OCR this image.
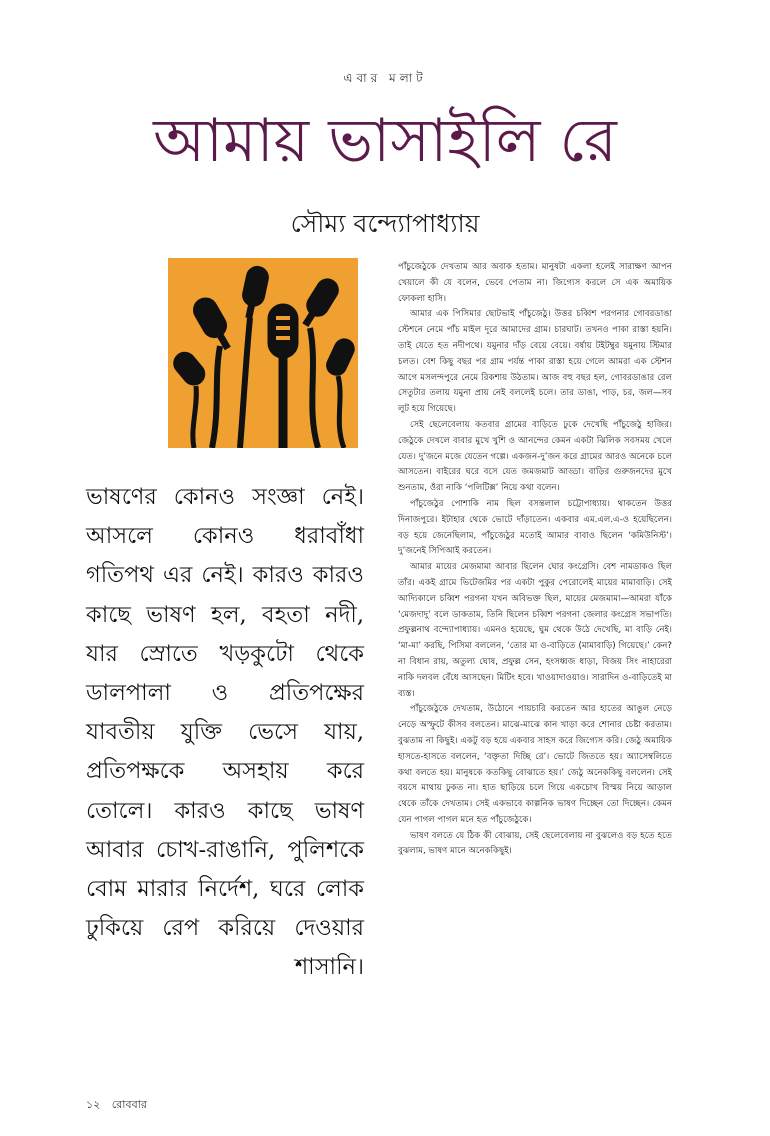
এবার মলাট
আমায় ভাসাইলি রে
সৌম্য বন্দ্যোপাধ্যায়
ভাষণের কোনও সংজ্ঞা নেই। আসলে কোনও ধরাবাঁধা গতিপথ এর নেই। কারও কারও কাছে ভাষণ হল, বহতা নদী, যার স্রোতে খড়কুটো থেকে ডালপালা ও প্রতিপক্ষের যাবতীয় যুক্তি ভেসে যায়, প্রতিপক্ষকে অসহায় করে তোলে। কারও কাছে ভাষণ আবার চোখ-রাঙানি, পুলিশকে বোম মারার নির্দেশ, ঘরে লোক ঢুকিয়ে রেপ করিয়ে দেওয়ার শাসানি।

পাঁচুজেঠুকে দেখতাম আর অবাক হতাম। মানুষটা একলা হলেই সারাক্ষণ আপন খেয়ালে কী যে বলেন, ভেবে পেতাম না। জিগ্যেস করলে সে এক অমায়িক ফোকলা হাসি।

আমার এক পিসিমার ছোটভাই পাঁচুজেঠু। উত্তর চব্বিশ পরগনার গোবরডাঙা স্টেশনে নেমে পাঁচ মাইল দূরে আমাদের গ্রাম। চারঘাট। তখনও পাকা রাস্তা হয়নি। তাই যেতে হত নদীপথে। যমুনার দাঁড় বেয়ে বেয়ে। বর্ষায় টইটম্বুর যমুনায় স্টিমার চলত। বেশ কিছু বছর পর গ্রাম পর্যন্ত পাকা রাস্তা হয়ে গেলে আমরা এক স্টেশন আগে মসলন্দপুরে নেমে রিকশায় উঠতাম। আজ বহু বছর হল, গোবরডাঙার রেল সেতুটার তলায় যমুনা প্রায় নেই বললেই চলে। তার ডাঙা, পাড়, চর, জল—সব লুট হয়ে গিয়েছে।

সেই ছেলেবেলায় কতবার গ্রামের বাড়িতে ঢুকে দেখেছি পাঁচুজেঠু হাজির। জেঠুকে দেখলে বাবার মুখে খুশি ও আনন্দের কেমন একটা ঝিলিক সবসময় খেলে যেত। দু’জনে মজে যেতেন গল্পে। একজন-দু’জন করে গ্রামের আরও অনেকে চলে আসতেন। বাইরের ঘরে বসে যেত জমজমাট আড্ডা। বাড়ির গুরুজনদের মুখে শুনতাম, ওঁরা নাকি ‘পলিটিক্স’ নিয়ে কথা বলেন।

পাঁচুজেঠুর পোশাকি নাম ছিল বসন্তলাল চট্টোপাধ্যায়। থাকতেন উত্তর দিনাজপুরে। ইটাহার থেকে ভোটে দাঁড়াতেন। একবার এম.এল.এ-ও হয়েছিলেন। বড় হয়ে জেনেছিলাম, পাঁচুজেঠুর মতোই আমার বাবাও ছিলেন ‘কমিউনিস্ট’। দু’জনেই সিপিআই করতেন।

আমার মায়ের মেজমামা আবার ছিলেন ঘোর কংগ্রেসি। বেশ নামডাকও ছিল তাঁর। একই গ্রামে ভিটেজমির পর একটা পুকুর পেরোলেই মায়ের মামাবাড়ি। সেই আদ্যিকালে চব্বিশ পরগনা যখন অবিভক্ত ছিল, মায়ের মেজমামা—আমরা যাঁকে ‘মেজদাদু’ বলে ডাকতাম, তিনি ছিলেন চব্বিশ পরগনা জেলার কংগ্রেস সভাপতি। প্রফুল্লনাথ বন্দ্যোপাধ্যায়। এমনও হয়েছে, ঘুম থেকে উঠে দেখেছি, মা বাড়ি নেই। ‘মা-মা’ করছি, পিসিমা বললেন, ‘তোর মা ও-বাড়িতে (মামাবাড়ি) গিয়েছে।’ কেন? না বিধান রায়, অতুল্য ঘোষ, প্রফুল্ল সেন, হংসধ্বজ ধাড়া, বিজয় সিং নাহারেরা নাকি দলবল বেঁধে আসছেন। মিটিং হবে। খাওয়াদাওয়াও। সারাদিন ও-বাড়িতেই মা ব্যস্ত।

পাঁচুজেঠুকে দেখতাম, উঠোনে পায়চারি করতেন আর হাতের আঙুল নেড়ে নেড়ে অস্ফুটে কীসব বলতেন। মাঝে-মাঝে কান খাড়া করে শোনার চেষ্টা করতাম। বুঝতাম না কিছুই। একটু বড় হয়ে একবার সাহস করে জিগ্যেস করি। জেঠু অমায়িক হাসতে-হাসতে বললেন, ‘বক্তৃতা দিচ্ছি রে’। ভোটে জিততে হয়। অ্যাসেম্বলিতে কথা বলতে হয়। মানুষকে কতকিছু বোঝাতে হয়।’ জেঠু অনেককিছু বললেন। সেই বয়সে মাথায় ঢুকত না। হাত ছাড়িয়ে চলে গিয়ে একচোখ বিস্ময় নিয়ে আড়াল থেকে তাঁকে দেখতাম। সেই একভাবে কাল্পনিক ভাষণ দিচ্ছেন তো দিচ্ছেন। কেমন যেন পাগল পাগল মনে হত পাঁচুজেঠুকে।

ভাষণ বলতে যে ঠিক কী বোঝায়, সেই ছেলেবেলায় না বুঝলেও বড় হতে হতে বুঝলাম, ভাষণ মানে অনেককিছুই।

১২ রোববার
